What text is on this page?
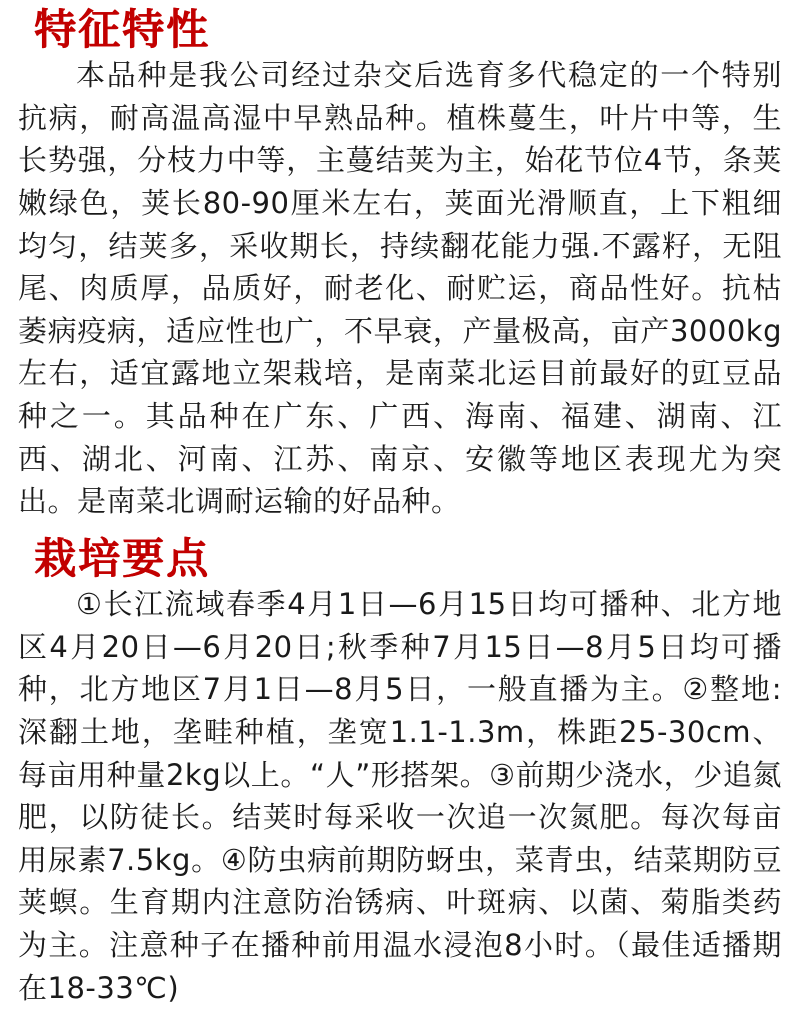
特征特性

本品种是我公司经过杂交后选育多代稳定的一个特别抗病，耐高温高湿中早熟品种。植株蔓生，叶片中等，生长势强，分枝力中等，主蔓结荚为主，始花节位4节，条荚嫩绿色，荚长80-90厘米左右，荚面光滑顺直，上下粗细均匀，结荚多，采收期长，持续翻花能力强.不露籽，无阻尾、肉质厚，品质好，耐老化、耐贮运，商品性好。抗枯萎病疫病，适应性也广，不早衰，产量极高，亩产3000kg左右，适宜露地立架栽培，是南菜北运目前最好的豇豆品种之一。其品种在广东、广西、海南、福建、湖南、江西、湖北、河南、江苏、南京、安徽等地区表现尤为突出。是南菜北调耐运输的好品种。

栽培要点

①长江流域春季4月1日—6月15日均可播种、北方地区4月20日—6月20日;秋季种7月15日—8月5日均可播种，北方地区7月1日—8月5日，一般直播为主。②整地: 深翻土地，垄畦种植，垄宽1.1-1.3m，株距25-30cm、每亩用种量2kg以上。“人”形搭架。③前期少浇水，少追氮肥，以防徒长。结荚时每采收一次追一次氮肥。每次每亩用尿素7.5kg。④防虫病前期防蚜虫，菜青虫，结菜期防豆荚螟。生育期内注意防治锈病、叶斑病、以菌、菊脂类药为主。注意种子在播种前用温水浸泡8小时。（最佳适播期在18-33℃)
